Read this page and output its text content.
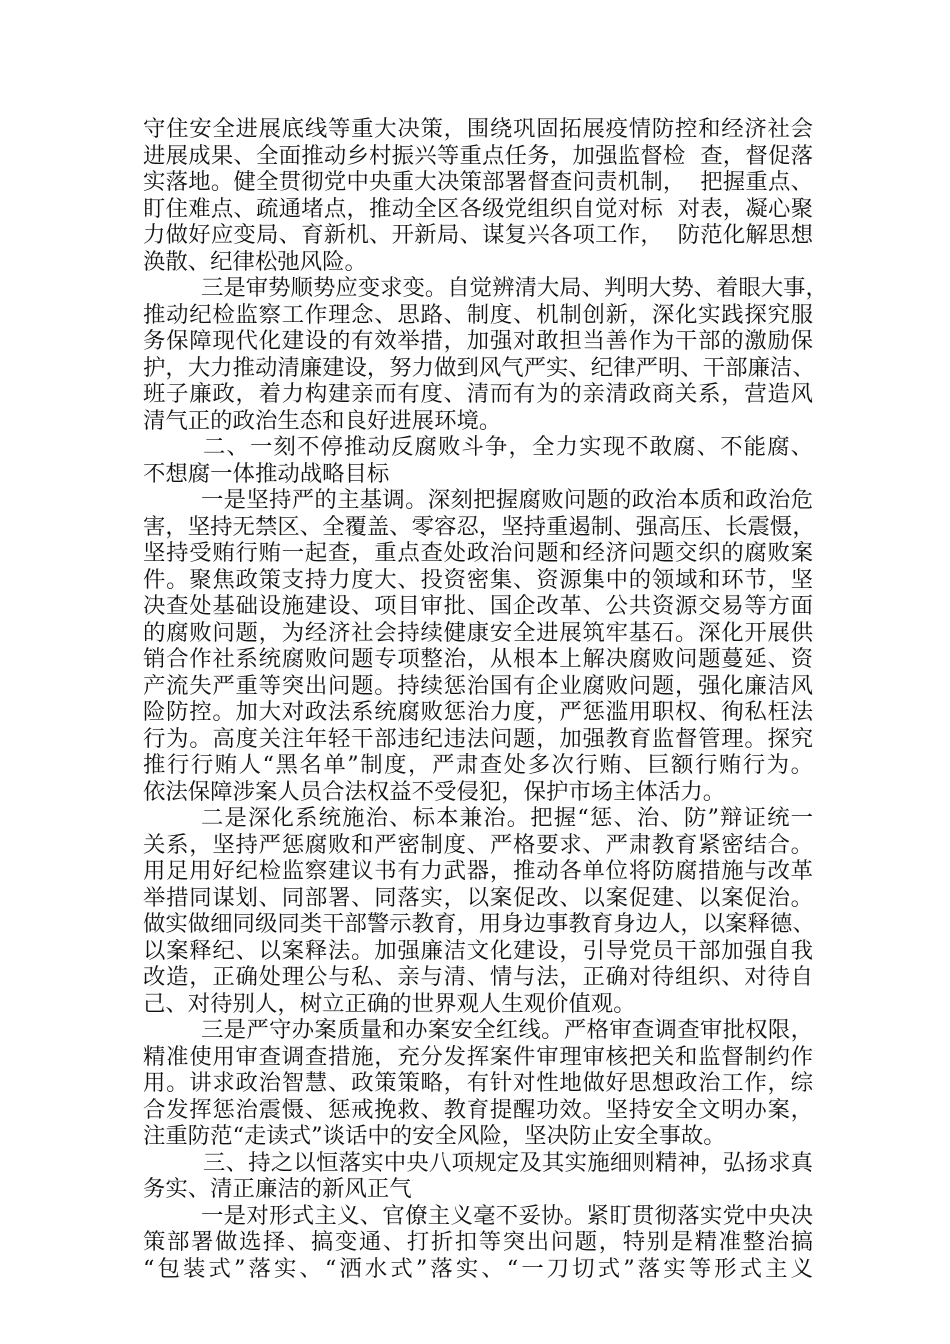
守住安全进展底线等重大决策，围绕巩固拓展疫情防控和经济社会
进展成果、全面推动乡村振兴等重点任务，加强监督检  查，督促落
实落地。健全贯彻党中央重大决策部署督查问责机制，  把握重点、
盯住难点、疏通堵点，推动全区各级党组织自觉对标  对表，凝心聚
力做好应变局、育新机、开新局、谋复兴各项工作，  防范化解思想
涣散、纪律松弛风险。
三是审势顺势应变求变。自觉辨清大局、判明大势、着眼大事，
推动纪检监察工作理念、思路、制度、机制创新，深化实践探究服
务保障现代化建设的有效举措，加强对敢担当善作为干部的激励保
护，大力推动清廉建设，努力做到风气严实、纪律严明、干部廉洁、
班子廉政，着力构建亲而有度、清而有为的亲清政商关系，营造风
清气正的政治生态和良好进展环境。
二、一刻不停推动反腐败斗争，全力实现不敢腐、不能腐、
不想腐一体推动战略目标
一是坚持严的主基调。深刻把握腐败问题的政治本质和政治危
害，坚持无禁区、全覆盖、零容忍，坚持重遏制、强高压、长震慑，
坚持受贿行贿一起查，重点查处政治问题和经济问题交织的腐败案
件。聚焦政策支持力度大、投资密集、资源集中的领域和环节，坚
决查处基础设施建设、项目审批、国企改革、公共资源交易等方面
的腐败问题，为经济社会持续健康安全进展筑牢基石。深化开展供
销合作社系统腐败问题专项整治，从根本上解决腐败问题蔓延、资
产流失严重等突出问题。持续惩治国有企业腐败问题，强化廉洁风
险防控。加大对政法系统腐败惩治力度，严惩滥用职权、徇私枉法
行为。高度关注年轻干部违纪违法问题，加强教育监督管理。探究
推行行贿人“黑名单”制度，严肃查处多次行贿、巨额行贿行为。
依法保障涉案人员合法权益不受侵犯，保护市场主体活力。
二是深化系统施治、标本兼治。把握“惩、治、防”辩证统一
关系，坚持严惩腐败和严密制度、严格要求、严肃教育紧密结合。
用足用好纪检监察建议书有力武器，推动各单位将防腐措施与改革
举措同谋划、同部署、同落实，以案促改、以案促建、以案促治。
做实做细同级同类干部警示教育，用身边事教育身边人，以案释德、
以案释纪、以案释法。加强廉洁文化建设，引导党员干部加强自我
改造，正确处理公与私、亲与清、情与法，正确对待组织、对待自
己、对待别人，树立正确的世界观人生观价值观。
三是严守办案质量和办案安全红线。严格审查调查审批权限，
精准使用审查调查措施，充分发挥案件审理审核把关和监督制约作
用。讲求政治智慧、政策策略，有针对性地做好思想政治工作，综
合发挥惩治震慑、惩戒挽救、教育提醒功效。坚持安全文明办案，
注重防范“走读式”谈话中的安全风险，坚决防止安全事故。
三、持之以恒落实中央八项规定及其实施细则精神，弘扬求真
务实、清正廉洁的新风正气
一是对形式主义、官僚主义毫不妥协。紧盯贯彻落实党中央决
策部署做选择、搞变通、打折扣等突出问题，特别是精准整治搞
“包装式”落实、“洒水式”落实、“一刀切式”落实等形式主义
